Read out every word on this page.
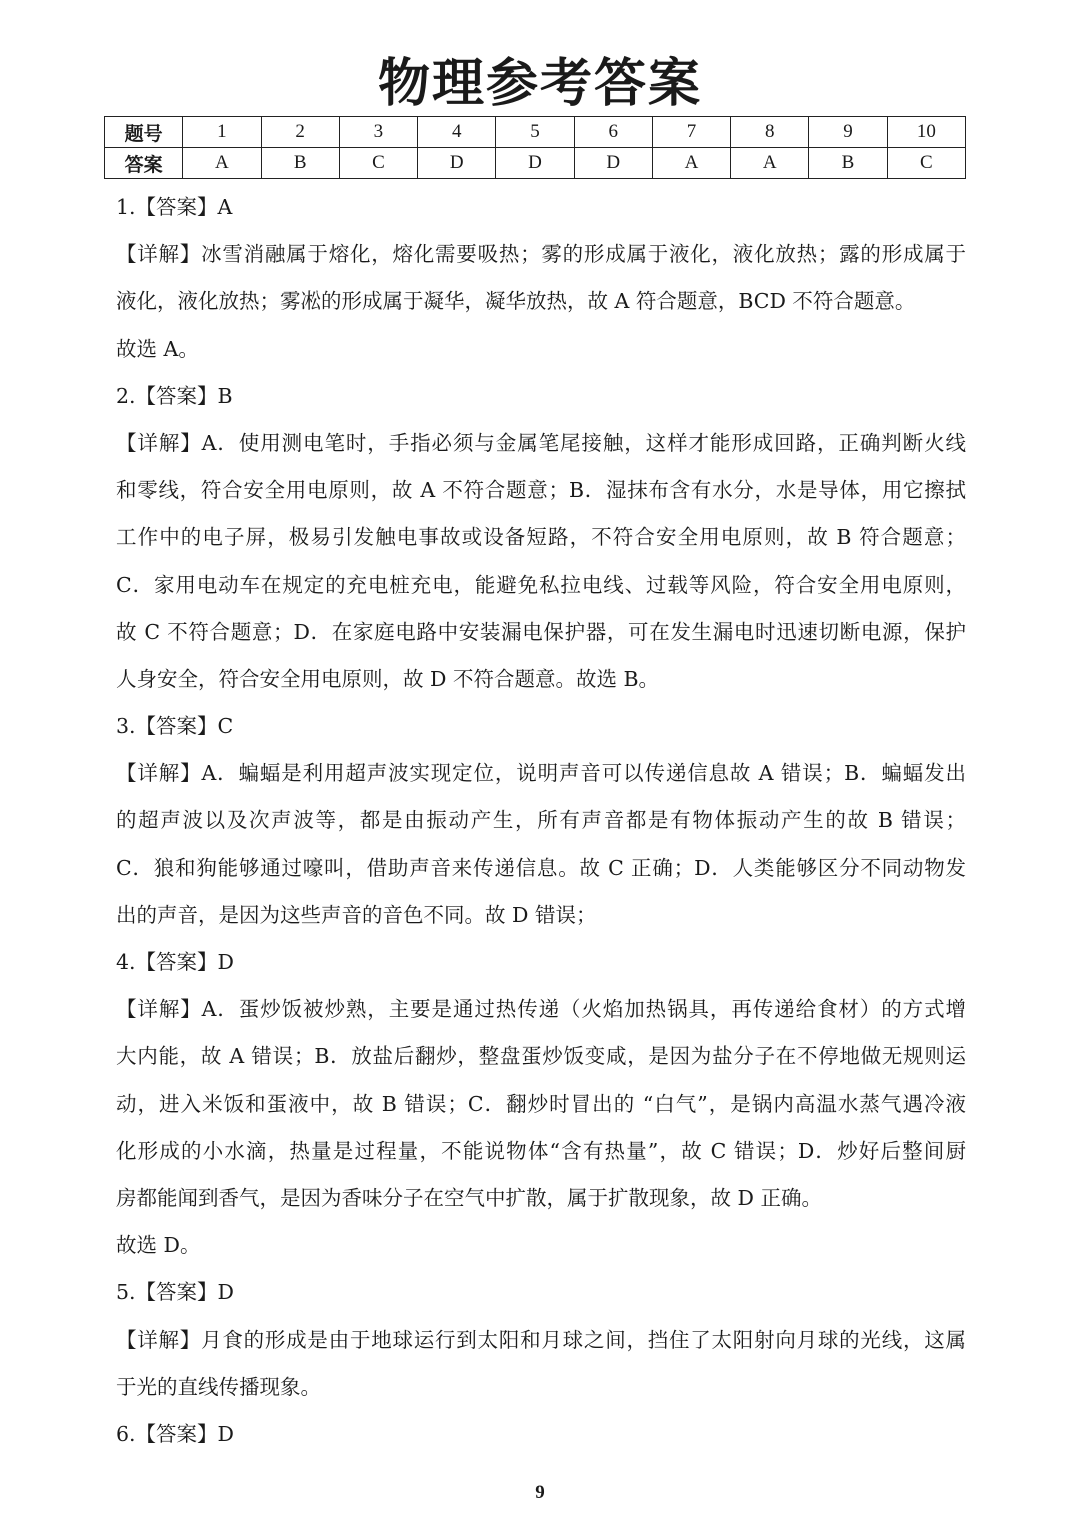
物理参考答案
题号	1	2	3	4	5	6	7	8	9	10
答案	A	B	C	D	D	D	A	A	B	C
1.【答案】A
【详解】冰雪消融属于熔化，熔化需要吸热；雾的形成属于液化，液化放热；露的形成属于
液化，液化放热；雾凇的形成属于凝华，凝华放热，故 A 符合题意，BCD 不符合题意。
故选 A。
2.【答案】B
【详解】A．使用测电笔时，手指必须与金属笔尾接触，这样才能形成回路，正确判断火线
和零线，符合安全用电原则，故 A 不符合题意；B．湿抹布含有水分，水是导体，用它擦拭
工作中的电子屏，极易引发触电事故或设备短路，不符合安全用电原则，故 B 符合题意；
C．家用电动车在规定的充电桩充电，能避免私拉电线、过载等风险，符合安全用电原则，
故 C 不符合题意；D．在家庭电路中安装漏电保护器，可在发生漏电时迅速切断电源，保护
人身安全，符合安全用电原则，故 D 不符合题意。故选 B。
3.【答案】C
【详解】A．蝙蝠是利用超声波实现定位，说明声音可以传递信息故 A 错误；B．蝙蝠发出
的超声波以及次声波等，都是由振动产生，所有声音都是有物体振动产生的故 B 错误；
C．狼和狗能够通过嚎叫，借助声音来传递信息。故 C 正确；D．人类能够区分不同动物发
出的声音，是因为这些声音的音色不同。故 D 错误；
4.【答案】D
【详解】A．蛋炒饭被炒熟，主要是通过热传递（火焰加热锅具，再传递给食材）的方式增
大内能，故 A 错误；B．放盐后翻炒，整盘蛋炒饭变咸，是因为盐分子在不停地做无规则运
动，进入米饭和蛋液中，故 B 错误；C．翻炒时冒出的 “白气”，是锅内高温水蒸气遇冷液
化形成的小水滴，热量是过程量，不能说物体“含有热量”，故 C 错误；D．炒好后整间厨
房都能闻到香气，是因为香味分子在空气中扩散，属于扩散现象，故 D 正确。
故选 D。
5.【答案】D
【详解】月食的形成是由于地球运行到太阳和月球之间，挡住了太阳射向月球的光线，这属
于光的直线传播现象。
6.【答案】D
9
